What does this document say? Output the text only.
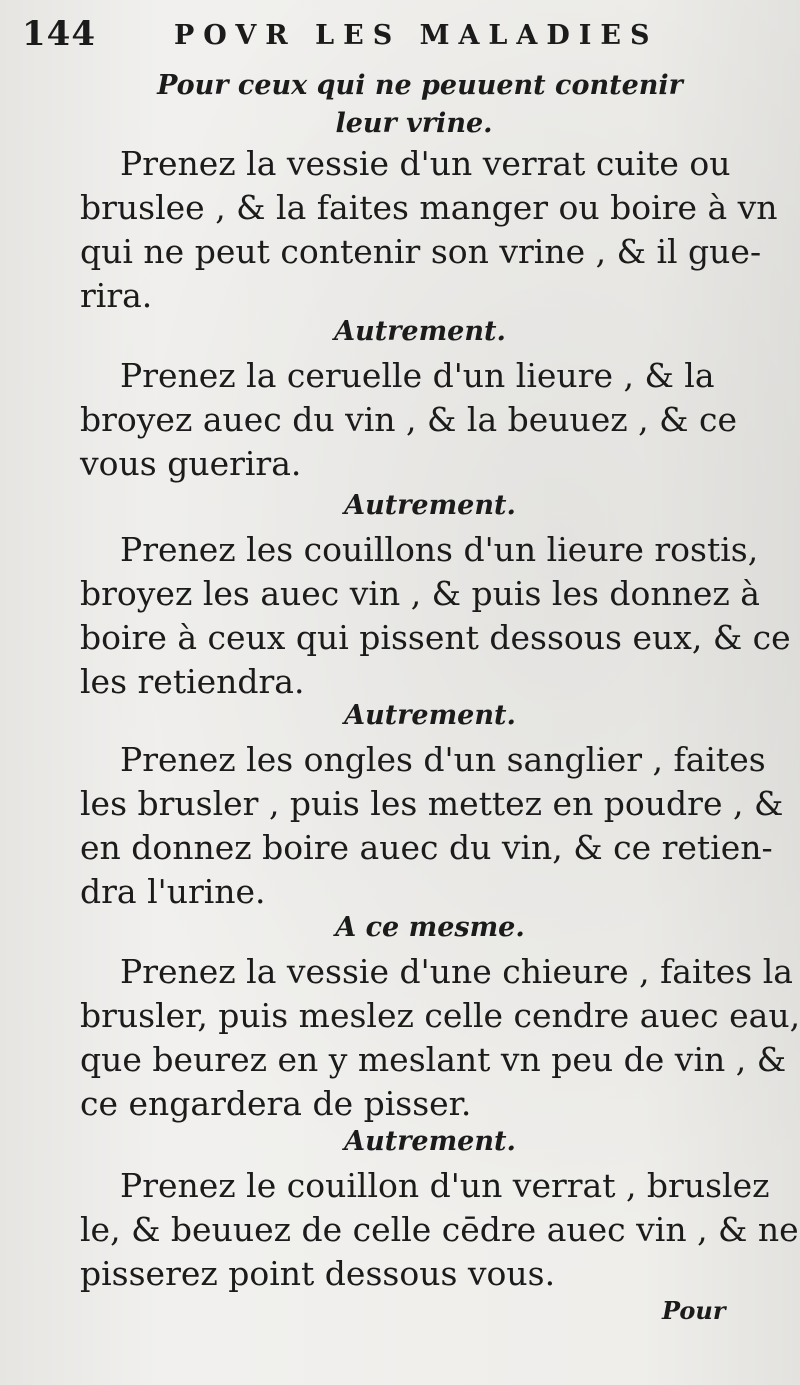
144	POVR LES MALADIES
Pour ceux qui ne peuuent contenir
leur vrine.
Prenez la vessie d'un verrat cuite ou
bruslee , & la faites manger ou boire à vn
qui ne peut contenir son vrine , & il gue-
rira.
Autrement.
Prenez la ceruelle d'un lieure , & la
broyez auec du vin , & la beuuez , & ce
vous guerira.
Autrement.
Prenez les couillons d'un lieure rostis,
broyez les auec vin , & puis les donnez à
boire à ceux qui pissent dessous eux, & ce
les retiendra.
Autrement.
Prenez les ongles d'un sanglier , faites
les brusler , puis les mettez en poudre , &
en donnez boire auec du vin, & ce retien-
dra l'urine.
A ce mesme.
Prenez la vessie d'une chieure , faites la
brusler, puis meslez celle cendre auec eau,
que beurez en y meslant vn peu de vin , &
ce engardera de pisser.
Autrement.
Prenez le couillon d'un verrat , bruslez
le, & beuuez de celle cēdre auec vin , & ne
pisserez point dessous vous.
Pour
